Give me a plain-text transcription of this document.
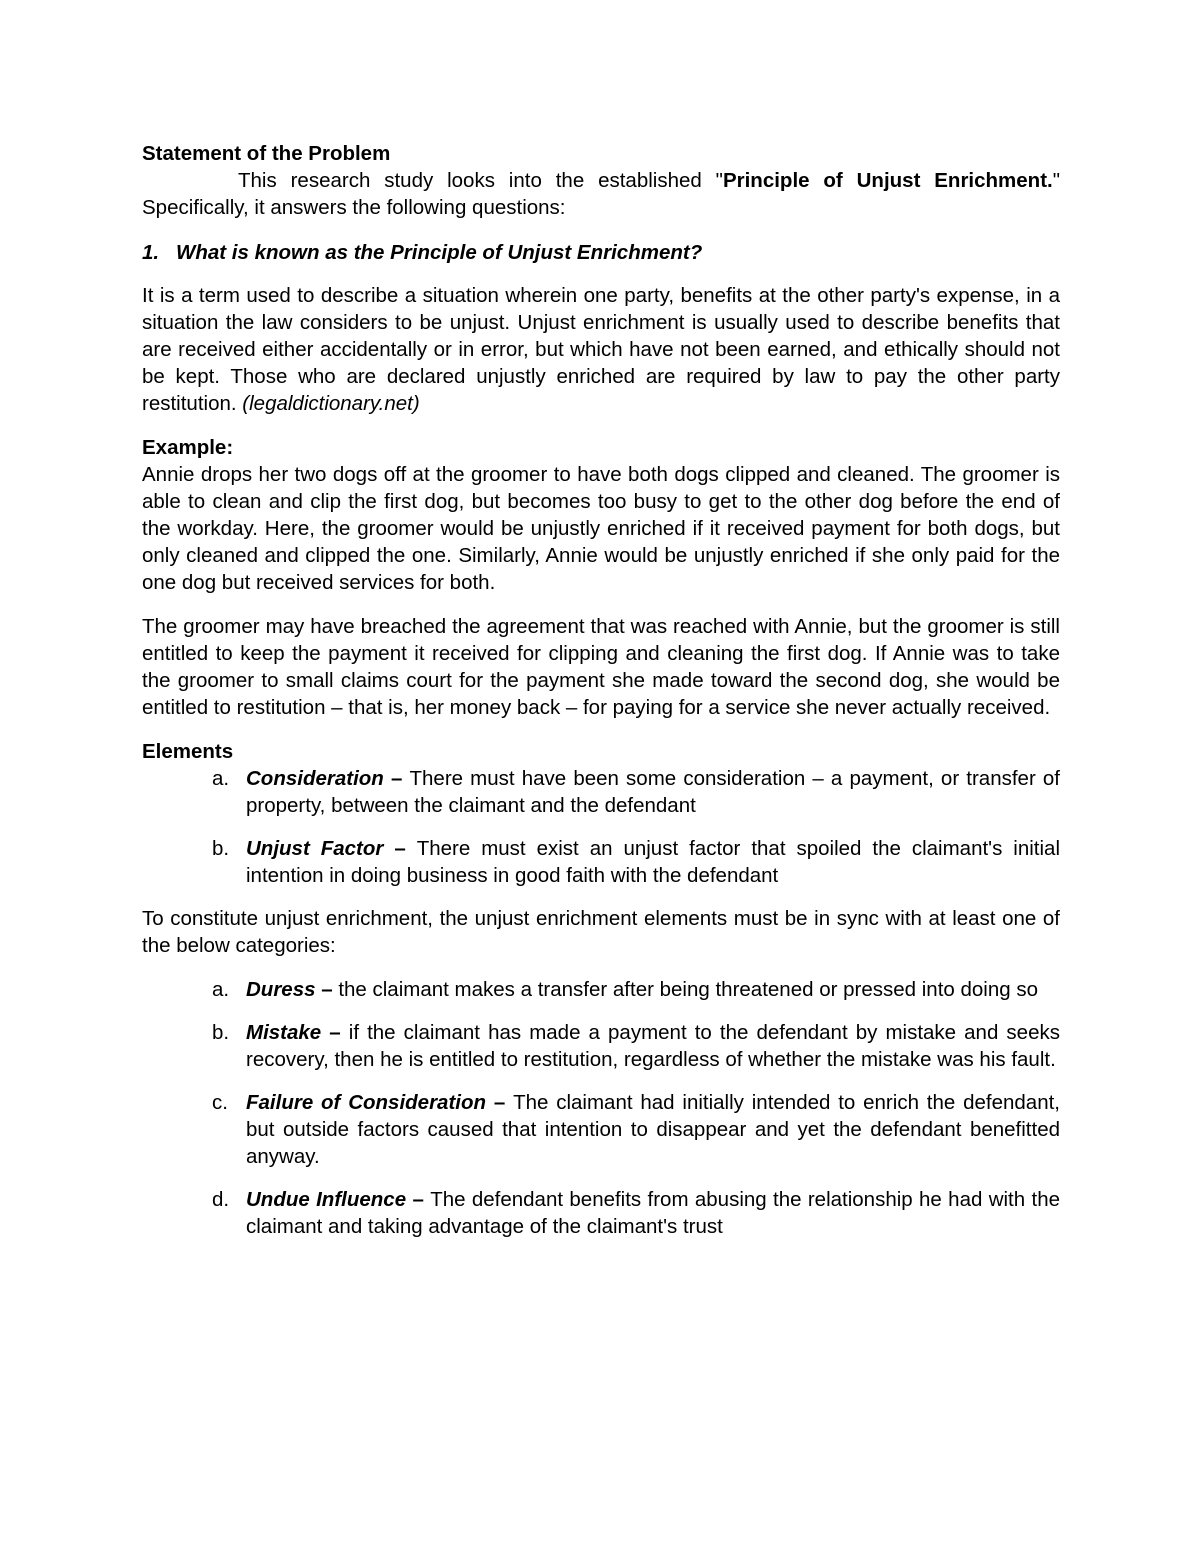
Statement of the Problem

This research study looks into the established "Principle of Unjust Enrichment." Specifically, it answers the following questions:

1. What is known as the Principle of Unjust Enrichment?

It is a term used to describe a situation wherein one party, benefits at the other party's expense, in a situation the law considers to be unjust. Unjust enrichment is usually used to describe benefits that are received either accidentally or in error, but which have not been earned, and ethically should not be kept. Those who are declared unjustly enriched are required by law to pay the other party restitution. (legaldictionary.net)

Example:

Annie drops her two dogs off at the groomer to have both dogs clipped and cleaned. The groomer is able to clean and clip the first dog, but becomes too busy to get to the other dog before the end of the workday. Here, the groomer would be unjustly enriched if it received payment for both dogs, but only cleaned and clipped the one. Similarly, Annie would be unjustly enriched if she only paid for the one dog but received services for both.

The groomer may have breached the agreement that was reached with Annie, but the groomer is still entitled to keep the payment it received for clipping and cleaning the first dog. If Annie was to take the groomer to small claims court for the payment she made toward the second dog, she would be entitled to restitution – that is, her money back – for paying for a service she never actually received.

Elements

a. Consideration – There must have been some consideration – a payment, or transfer of property, between the claimant and the defendant
b. Unjust Factor – There must exist an unjust factor that spoiled the claimant's initial intention in doing business in good faith with the defendant

To constitute unjust enrichment, the unjust enrichment elements must be in sync with at least one of the below categories:

a. Duress – the claimant makes a transfer after being threatened or pressed into doing so
b. Mistake – if the claimant has made a payment to the defendant by mistake and seeks recovery, then he is entitled to restitution, regardless of whether the mistake was his fault.
c. Failure of Consideration – The claimant had initially intended to enrich the defendant, but outside factors caused that intention to disappear and yet the defendant benefitted anyway.
d. Undue Influence – The defendant benefits from abusing the relationship he had with the claimant and taking advantage of the claimant's trust
